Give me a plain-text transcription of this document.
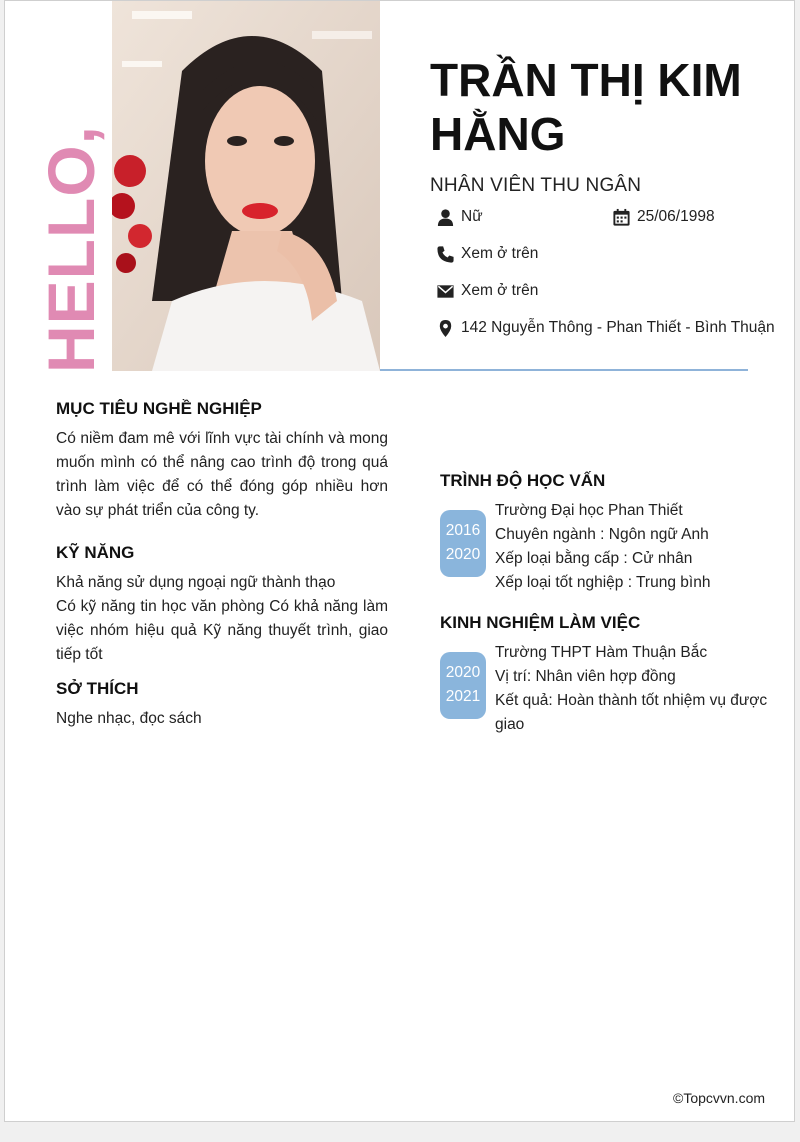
HELLO,
TRẦN THỊ KIM HẰNG
NHÂN VIÊN THU NGÂN
Nữ	25/06/1998
Xem ở trên
Xem ở trên
142 Nguyễn Thông - Phan Thiết - Bình Thuận
MỤC TIÊU NGHỀ NGHIỆP
Có niềm đam mê với lĩnh vực tài chính và mong muốn mình có thể nâng cao trình độ trong quá trình làm việc để có thể đóng góp nhiều hơn vào sự phát triển của công ty.
KỸ NĂNG
Khả năng sử dụng ngoại ngữ thành thạo
Có kỹ năng tin học văn phòng Có khả năng làm việc nhóm hiệu quả Kỹ năng thuyết trình, giao tiếp tốt
SỞ THÍCH
Nghe nhạc, đọc sách
TRÌNH ĐỘ HỌC VẤN
2016
2020
Trường Đại học Phan Thiết
Chuyên ngành : Ngôn ngữ Anh
Xếp loại bằng cấp : Cử nhân
Xếp loại tốt nghiệp : Trung bình
KINH NGHIỆM LÀM VIỆC
2020
2021
Trường THPT Hàm Thuận Bắc
Vị trí: Nhân viên hợp đồng
Kết quả: Hoàn thành tốt nhiệm vụ được giao
©Topcvvn.com
